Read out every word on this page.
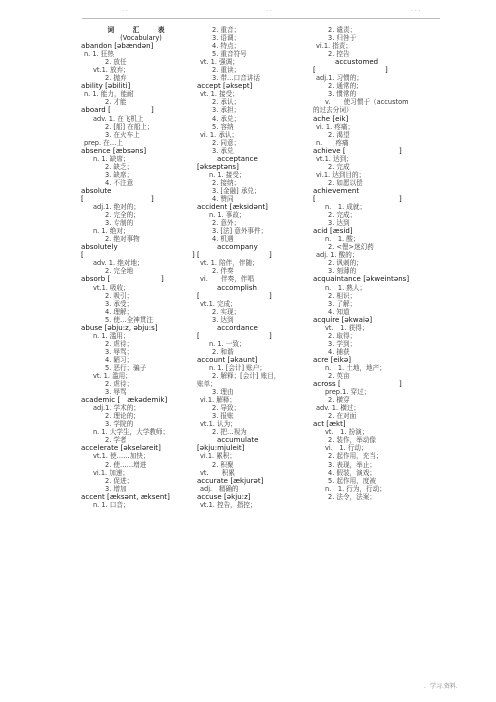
. .	. .	. . .
词　汇　表
(Vocabulary)
abandon [əbændən]
n. 1. 狂热
2. 放任
vt.1. 放弃；
2. 抛弃
ability [əbiliti]
n. 1. 能力，能耐
2. 才能
aboard [	]
adv. 1. 在飞机上
2. [船] 在船上；
3. 在火车上
prep. 在…上
absence [æbsəns]
n. 1. 缺席；
2. 缺乏；
3. 缺席；
4. 不注意
absolute
[	]
adj.1. 绝对的；
2. 完全的；
3. 专制的
n. 1. 绝对；
2. 绝对事物
absolutely
[	]
adv. 1. 绝对地；
2. 完全地
absorb [	]
vt.1. 吸收；
2. 吸引；
3. 承受；
4. 理解；
5. 使…全神贯注
abuse [əbju:z, əbju:s]
n. 1. 滥用；
2. 虐待；
3. 辱骂；
4. 陋习；
5. 恶行；骗子
vt. 1. 滥用；
2. 虐待；
3. 辱骂
academic [　ækədemik]
adj.1. 学术的；
2. 理论的；
3. 学院的
n. 1. 大学生，大学教师；
2. 学者
accelerate [əkseləreit]
vt.1. 使……加快；
2. 使……增进
vi.1. 加速；
2. 促进；
3. 增加
accent [æksənt, æksent]
n. 1. 口音；
2. 重音；
3. 语调；
4. 特点；
5. 重音符号
vt. 1. 强调；
2. 重读；
3. 带…口音讲话
accept [əksept]
vt. 1. 接受；
2. 承认；
3. 承担；
4. 承兑；
5. 容纳
vi. 1. 承认；
2. 同意；
3. 承兑
acceptance
[əkseptəns]
n. 1. 接受；
2. 接纳；
3. [金融] 承兑；
4. 赞同
accident [æksidənt]
n. 1. 事故；
2. 意外；
3. [法] 意外事件；
4. 机遇
accompany
[	]
vt. 1. 陪伴，伴随；
2. 伴奏
vi.　　伴奏，伴唱
accomplish
[	]
vt.1. 完成；
2. 实现；
3. 达到
accordance
[	]
n. 1. 一致；
2. 和谐
account [əkaunt]
n. 1. [会计] 账户；
2. 解释；[会计] 账目，
账单；
3. 理由
vi.1. 解释；
2. 导致；
3. 报账
vt.1. 认为；
2. 把…视为
accumulate
[əkju:mjuleit]
vi.1. 累积；
2. 积聚
vt.　　积累
accurate [ækjurət]
adj.　精确的
accuse [əkju:z]
vt.1. 控告，指控；
2. 谴责；
3. 归咎于
vi.1. 指责；
2. 控告
accustomed
[	]
adj.1. 习惯的；
2. 通常的；
3. 惯常的
v.　　使习惯于（accustom
的过去分词）
ache [eik]
vi. 1. 疼痛；
2. 渴望
n.　　疼痛
achieve [	]
vt.1. 达到；
2. 完成
vi.1. 达到目的；
2. 如愿以偿
achievement
[	]
n.　1. 成就；
2. 完成；
3. 达到
acid [æsid]
n.　1. 酸；
2. <俚>迷幻药
adj. 1. 酸的；
2. 讽刺的；
3. 刻薄的
acquaintance [əkweintəns]
n.　1. 熟人；
2. 相识；
3. 了解；
4. 知道
acquire [əkwaiə]
vt.　1. 获得；
2. 取得；
3. 学到；
4. 捕获
acre [eikə]
n.　1. 土地，地产；
2. 英亩
across [	]
prep.1. 穿过；
2. 横穿
adv. 1. 横过；
2. 在对面
act [ækt]
vt.　1. 扮演；
2. 装作，举动像
vi.　1. 行动；
2. 起作用，充当；
3. 表现，举止；
4. 假装，演戏；
5. 起作用，度被
n.　1. 行为，行动；
2. 法令，法案；
．学习.资料．
